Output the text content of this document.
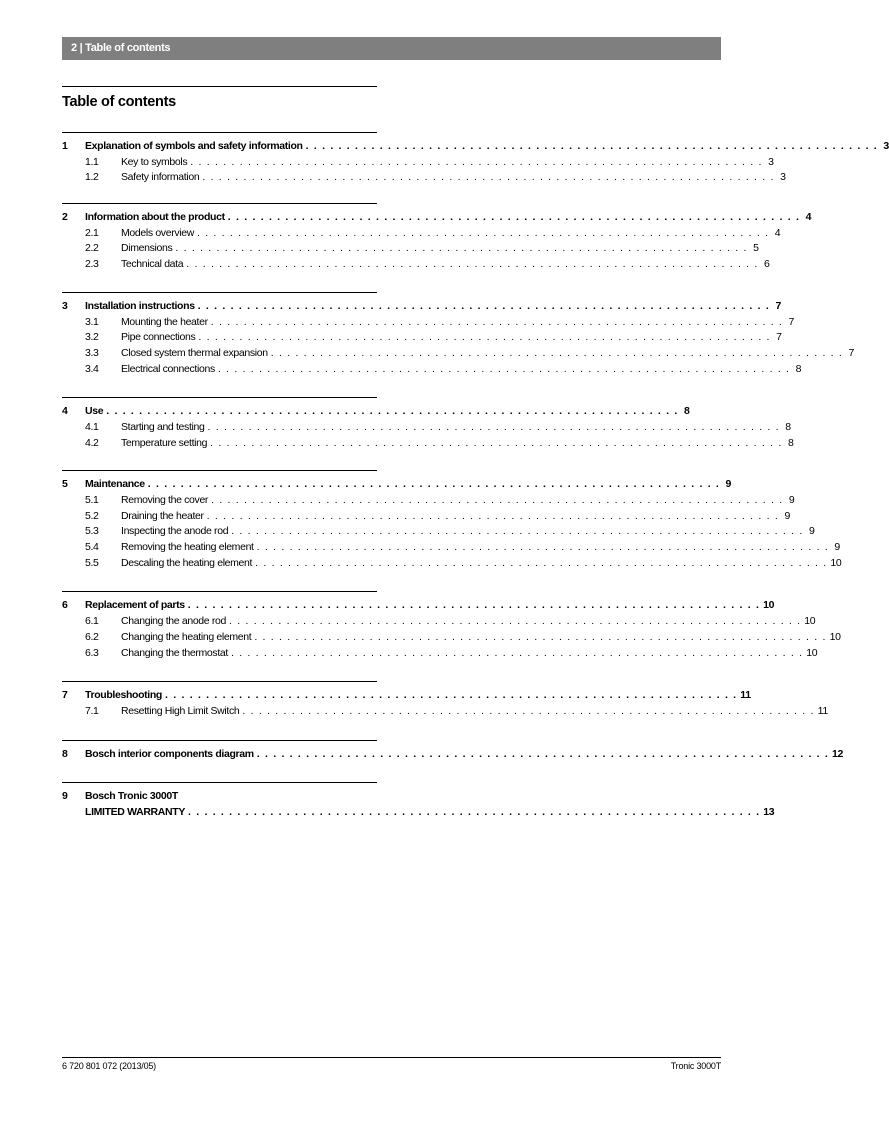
2 | Table of contents
Table of contents
1	Explanation of symbols and safety information . . . . . . . . . . . . . . . . . . . . . . . . . . . . . . . . . . . . . . . . . . . . . . . . . . . . . . . . . . . . . . . . . . . . . . 3
1.1	Key to symbols . . . . . . . . . . . . . . . . . . . . . . . . . . . . . . . . . . . . . . . . . . . . . . . . . . . . . . . . . . . . . . . . . . . . . . 3
1.2	Safety information . . . . . . . . . . . . . . . . . . . . . . . . . . . . . . . . . . . . . . . . . . . . . . . . . . . . . . . . . . . . . . . . . . . . . . 3
2	Information about the product . . . . . . . . . . . . . . . . . . . . . . . . . . . . . . . . . . . . . . . . . . . . . . . . . . . . . . . . . . . . . . . . . . . . . . 4
2.1	Models overview . . . . . . . . . . . . . . . . . . . . . . . . . . . . . . . . . . . . . . . . . . . . . . . . . . . . . . . . . . . . . . . . . . . . . . 4
2.2	Dimensions . . . . . . . . . . . . . . . . . . . . . . . . . . . . . . . . . . . . . . . . . . . . . . . . . . . . . . . . . . . . . . . . . . . . . . 5
2.3	Technical data . . . . . . . . . . . . . . . . . . . . . . . . . . . . . . . . . . . . . . . . . . . . . . . . . . . . . . . . . . . . . . . . . . . . . . 6
3	Installation instructions . . . . . . . . . . . . . . . . . . . . . . . . . . . . . . . . . . . . . . . . . . . . . . . . . . . . . . . . . . . . . . . . . . . . . . 7
3.1	Mounting the heater . . . . . . . . . . . . . . . . . . . . . . . . . . . . . . . . . . . . . . . . . . . . . . . . . . . . . . . . . . . . . . . . . . . . . . 7
3.2	Pipe connections . . . . . . . . . . . . . . . . . . . . . . . . . . . . . . . . . . . . . . . . . . . . . . . . . . . . . . . . . . . . . . . . . . . . . . 7
3.3	Closed system thermal expansion . . . . . . . . . . . . . . . . . . . . . . . . . . . . . . . . . . . . . . . . . . . . . . . . . . . . . . . . . . . . . . . . . . . . . . 7
3.4	Electrical connections . . . . . . . . . . . . . . . . . . . . . . . . . . . . . . . . . . . . . . . . . . . . . . . . . . . . . . . . . . . . . . . . . . . . . . 8
4	Use . . . . . . . . . . . . . . . . . . . . . . . . . . . . . . . . . . . . . . . . . . . . . . . . . . . . . . . . . . . . . . . . . . . . . . 8
4.1	Starting and testing . . . . . . . . . . . . . . . . . . . . . . . . . . . . . . . . . . . . . . . . . . . . . . . . . . . . . . . . . . . . . . . . . . . . . . 8
4.2	Temperature setting . . . . . . . . . . . . . . . . . . . . . . . . . . . . . . . . . . . . . . . . . . . . . . . . . . . . . . . . . . . . . . . . . . . . . . 8
5	Maintenance . . . . . . . . . . . . . . . . . . . . . . . . . . . . . . . . . . . . . . . . . . . . . . . . . . . . . . . . . . . . . . . . . . . . . . 9
5.1	Removing the cover . . . . . . . . . . . . . . . . . . . . . . . . . . . . . . . . . . . . . . . . . . . . . . . . . . . . . . . . . . . . . . . . . . . . . . 9
5.2	Draining the heater . . . . . . . . . . . . . . . . . . . . . . . . . . . . . . . . . . . . . . . . . . . . . . . . . . . . . . . . . . . . . . . . . . . . . . 9
5.3	Inspecting the anode rod . . . . . . . . . . . . . . . . . . . . . . . . . . . . . . . . . . . . . . . . . . . . . . . . . . . . . . . . . . . . . . . . . . . . . . 9
5.4	Removing the heating element . . . . . . . . . . . . . . . . . . . . . . . . . . . . . . . . . . . . . . . . . . . . . . . . . . . . . . . . . . . . . . . . . . . . . . 9
5.5	Descaling the heating element . . . . . . . . . . . . . . . . . . . . . . . . . . . . . . . . . . . . . . . . . . . . . . . . . . . . . . . . . . . . . . . . . . . . . . 10
6	Replacement of parts . . . . . . . . . . . . . . . . . . . . . . . . . . . . . . . . . . . . . . . . . . . . . . . . . . . . . . . . . . . . . . . . . . . . . . 10
6.1	Changing the anode rod . . . . . . . . . . . . . . . . . . . . . . . . . . . . . . . . . . . . . . . . . . . . . . . . . . . . . . . . . . . . . . . . . . . . . . 10
6.2	Changing the heating element . . . . . . . . . . . . . . . . . . . . . . . . . . . . . . . . . . . . . . . . . . . . . . . . . . . . . . . . . . . . . . . . . . . . . . 10
6.3	Changing the thermostat . . . . . . . . . . . . . . . . . . . . . . . . . . . . . . . . . . . . . . . . . . . . . . . . . . . . . . . . . . . . . . . . . . . . . . 10
7	Troubleshooting . . . . . . . . . . . . . . . . . . . . . . . . . . . . . . . . . . . . . . . . . . . . . . . . . . . . . . . . . . . . . . . . . . . . . . 11
7.1	Resetting High Limit Switch . . . . . . . . . . . . . . . . . . . . . . . . . . . . . . . . . . . . . . . . . . . . . . . . . . . . . . . . . . . . . . . . . . . . . . 11
8	Bosch interior components diagram . . . . . . . . . . . . . . . . . . . . . . . . . . . . . . . . . . . . . . . . . . . . . . . . . . . . . . . . . . . . . . . . . . . . . . 12
9	Bosch Tronic 3000T
LIMITED WARRANTY . . . . . . . . . . . . . . . . . . . . . . . . . . . . . . . . . . . . . . . . . . . . . . . . . . . . . . . . . . . . . . . . . . . . . . 13
6 720 801 072 (2013/05)	Tronic 3000T
